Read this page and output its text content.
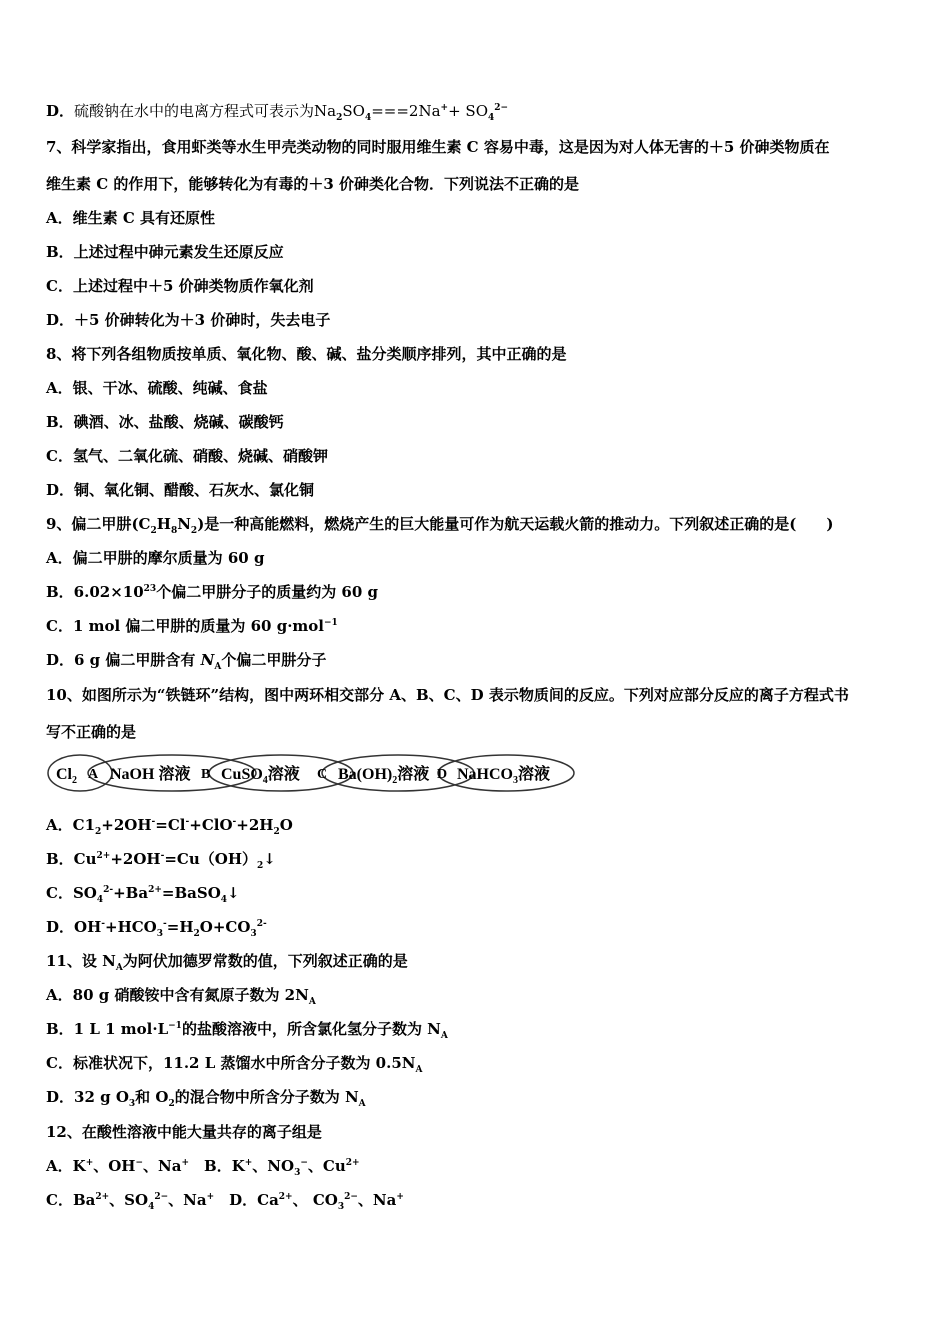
D．硫酸钠在水中的电离方程式可表示为$Na_2SO_4===2Na^++ SO_4^{2-}$
7、科学家指出，食用虾类等水生甲壳类动物的同时服用维生素 C 容易中毒，这是因为对人体无害的＋5 价砷类物质在
维生素 C 的作用下，能够转化为有毒的＋3 价砷类化合物．下列说法不正确的是
A．维生素 C 具有还原性
B．上述过程中砷元素发生还原反应
C．上述过程中＋5 价砷类物质作氧化剂
D．＋5 价砷转化为＋3 价砷时，失去电子
8、将下列各组物质按单质、氧化物、酸、碱、盐分类顺序排列，其中正确的是
A．银、干冰、硫酸、纯碱、食盐
B．碘酒、冰、盐酸、烧碱、碳酸钙
C．氢气、二氧化硫、硝酸、烧碱、硝酸钾
D．铜、氧化铜、醋酸、石灰水、氯化铜
9、偏二甲肼$(C_2H_8N_2)$是一种高能燃料，燃烧产生的巨大能量可作为航天运载火箭的推动力。下列叙述正确的是(　　)
A．偏二甲肼的摩尔质量为 60 g
B．$6.02\times 10^{23}$个偏二甲肼分子的质量约为 60 g
C．1 mol 偏二甲肼的质量为 60 g·mol$^{-1}$
D．6 g 偏二甲肼含有 $N_A$个偏二甲肼分子
10、如图所示为“铁链环”结构，图中两环相交部分 A、B、C、D 表示物质间的反应。下列对应部分反应的离子方程式书
写不正确的是
$Cl_2$ A NaOH 溶液 B CuSO$_4$溶液 C $Ba(OH)_2$溶液 D NaHCO$_3$溶液
A．$C1_2+2OH^-=Cl^-+ClO^-+2H_2O$
B．$Cu^{2+}+2OH^-=Cu(OH)_2↓$
C．$SO_4^{2-}+Ba^{2+}=BaSO_4↓$
D．$OH^-+HCO_3^-=H_2O+CO_3^{2-}$
11、设 $N_A$为阿伏加德罗常数的值，下列叙述正确的是
A．80 g 硝酸铵中含有氮原子数为 $2N_A$
B．1 L 1 $mol\cdot L^{-1}$的盐酸溶液中，所含氯化氢分子数为 $N_A$
C．标准状况下，11.2 L 蒸馏水中所含分子数为 $0.5N_A$
D．32 g $O_3$和 $O_2$的混合物中所含分子数为 $N_A$
12、在酸性溶液中能大量共存的离子组是
A．K+、OH−、Na+　B．K+、$NO_3^-$、$Cu^{2+}$
C．$Ba^{2+}$、$SO_4^{2-}$、Na+　D．$Ca^{2+}$、 $CO_3^{2-}$、Na+
